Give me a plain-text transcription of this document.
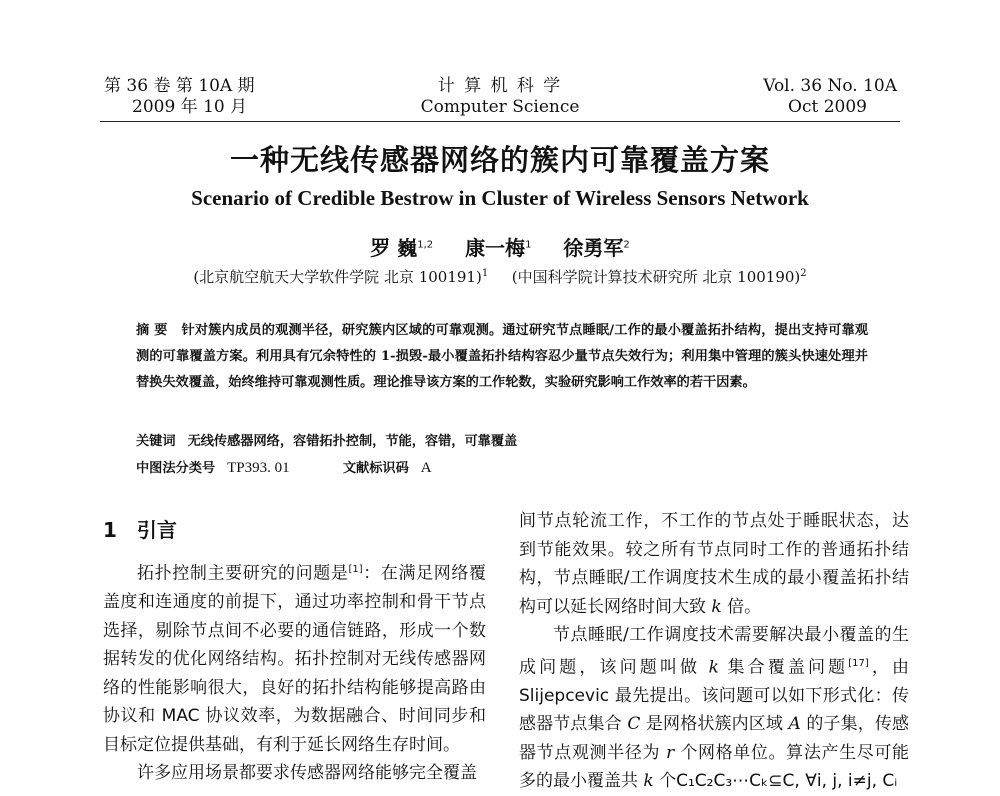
第 36 卷 第 10A 期
2009 年 10 月
计 算 机 科 学
Computer Science
Vol. 36 No. 10A
Oct 2009
一种无线传感器网络的簇内可靠覆盖方案
Scenario of Credible Bestrow in Cluster of Wireless Sensors Network
罗 巍$^{1,2}$ 康一梅$^1$ 徐勇军$^2$
(北京航空航天大学软件学院 北京 100191)$^1$ (中国科学院计算技术研究所 北京 100190)$^2$
摘 要 针对簇内成员的观测半径，研究簇内区域的可靠观测。通过研究节点睡眠/工作的最小覆盖拓扑结构，提出支持可靠观测的可靠覆盖方案。利用具有冗余特性的 1-损毁-最小覆盖拓扑结构容忍少量节点失效行为；利用集中管理的簇头快速处理并替换失效覆盖，始终维持可靠观测性质。理论推导该方案的工作轮数，实验研究影响工作效率的若干因素。
关键词 无线传感器网络，容错拓扑控制，节能，容错，可靠覆盖
中图法分类号 TP393. 01	文献标识码 A
1 引言

拓扑控制主要研究的问题是[1]：在满足网络覆盖度和连通度的前提下，通过功率控制和骨干节点选择，剔除节点间不必要的通信链路，形成一个数据转发的优化网络结构。拓扑控制对无线传感器网络的性能影响很大，良好的拓扑结构能够提高路由协议和 MAC 协议效率，为数据融合、时间同步和目标定位提供基础，有利于延长网络生存时间。

许多应用场景都要求传感器网络能够完全覆盖

间节点轮流工作，不工作的节点处于睡眠状态，达到节能效果。较之所有节点同时工作的普通拓扑结构，节点睡眠/工作调度技术生成的最小覆盖拓扑结构可以延长网络时间大致 k 倍。

节点睡眠/工作调度技术需要解决最小覆盖的生成问题，该问题叫做 k 集合覆盖问题[17]，由 Slijepcevic 最先提出。该问题可以如下形式化：传感器节点集合 C 是网格状簇内区域 A 的子集，传感器节点观测半径为 r 个网格单位。算法产生尽可能多的最小覆盖共 k 个C₁C₂C₃⋯Cₖ⊆C, ∀i, j, i≠j, Cᵢ
